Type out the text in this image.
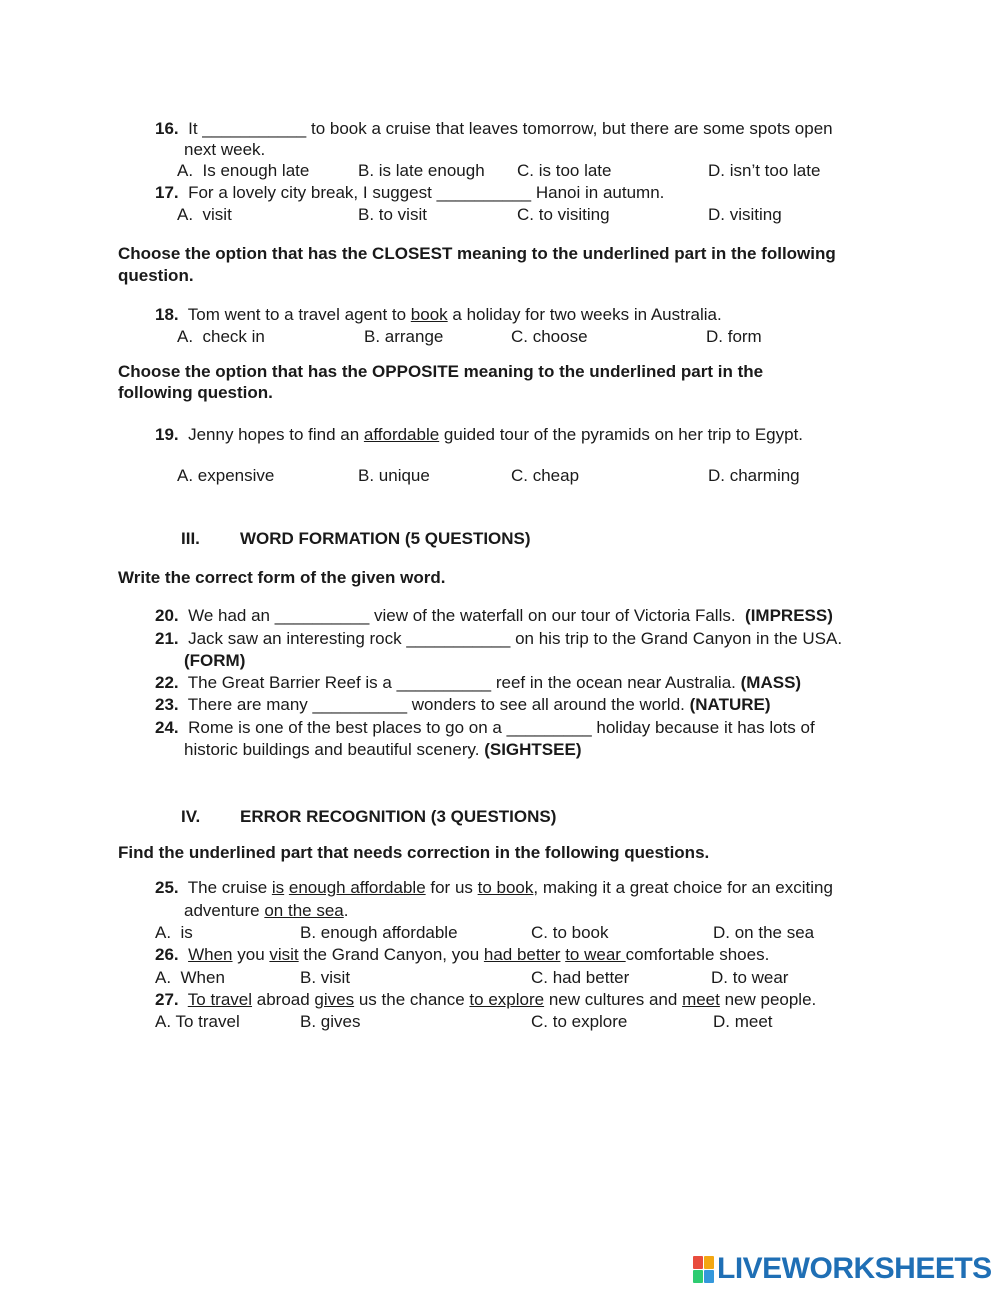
16. It ___________ to book a cruise that leaves tomorrow, but there are some spots open
next week.
A. Is enough late	B. is late enough C. is too late	D. isn’t too late
17. For a lovely city break, I suggest __________ Hanoi in autumn.
A. visit	B. to visit	C. to visiting	D. visiting
Choose the option that has the CLOSEST meaning to the underlined part in the following
question.
18. Tom went to a travel agent to book a holiday for two weeks in Australia.
A. check in	B. arrange	C. choose	D. form
Choose the option that has the OPPOSITE meaning to the underlined part in the
following question.
19. Jenny hopes to find an affordable guided tour of the pyramids on her trip to Egypt.
A. expensive	B. unique	C. cheap	D. charming
III. WORD FORMATION (5 QUESTIONS)
Write the correct form of the given word.
20. We had an __________ view of the waterfall on our tour of Victoria Falls. (IMPRESS)
21. Jack saw an interesting rock ___________ on his trip to the Grand Canyon in the USA.
(FORM)
22. The Great Barrier Reef is a __________ reef in the ocean near Australia. (MASS)
23. There are many __________ wonders to see all around the world. (NATURE)
24. Rome is one of the best places to go on a _________ holiday because it has lots of
historic buildings and beautiful scenery. (SIGHTSEE)
IV. ERROR RECOGNITION (3 QUESTIONS)
Find the underlined part that needs correction in the following questions.
25. The cruise is enough affordable for us to book, making it a great choice for an exciting
adventure on the sea.
A. is	B. enough affordable	C. to book	D. on the sea
26. When you visit the Grand Canyon, you had better to wear comfortable shoes.
A. When	B. visit	C. had better	D. to wear
27. To travel abroad gives us the chance to explore new cultures and meet new people.
A. To travel	B. gives	C. to explore	D. meet
LIVEWORKSHEETS
